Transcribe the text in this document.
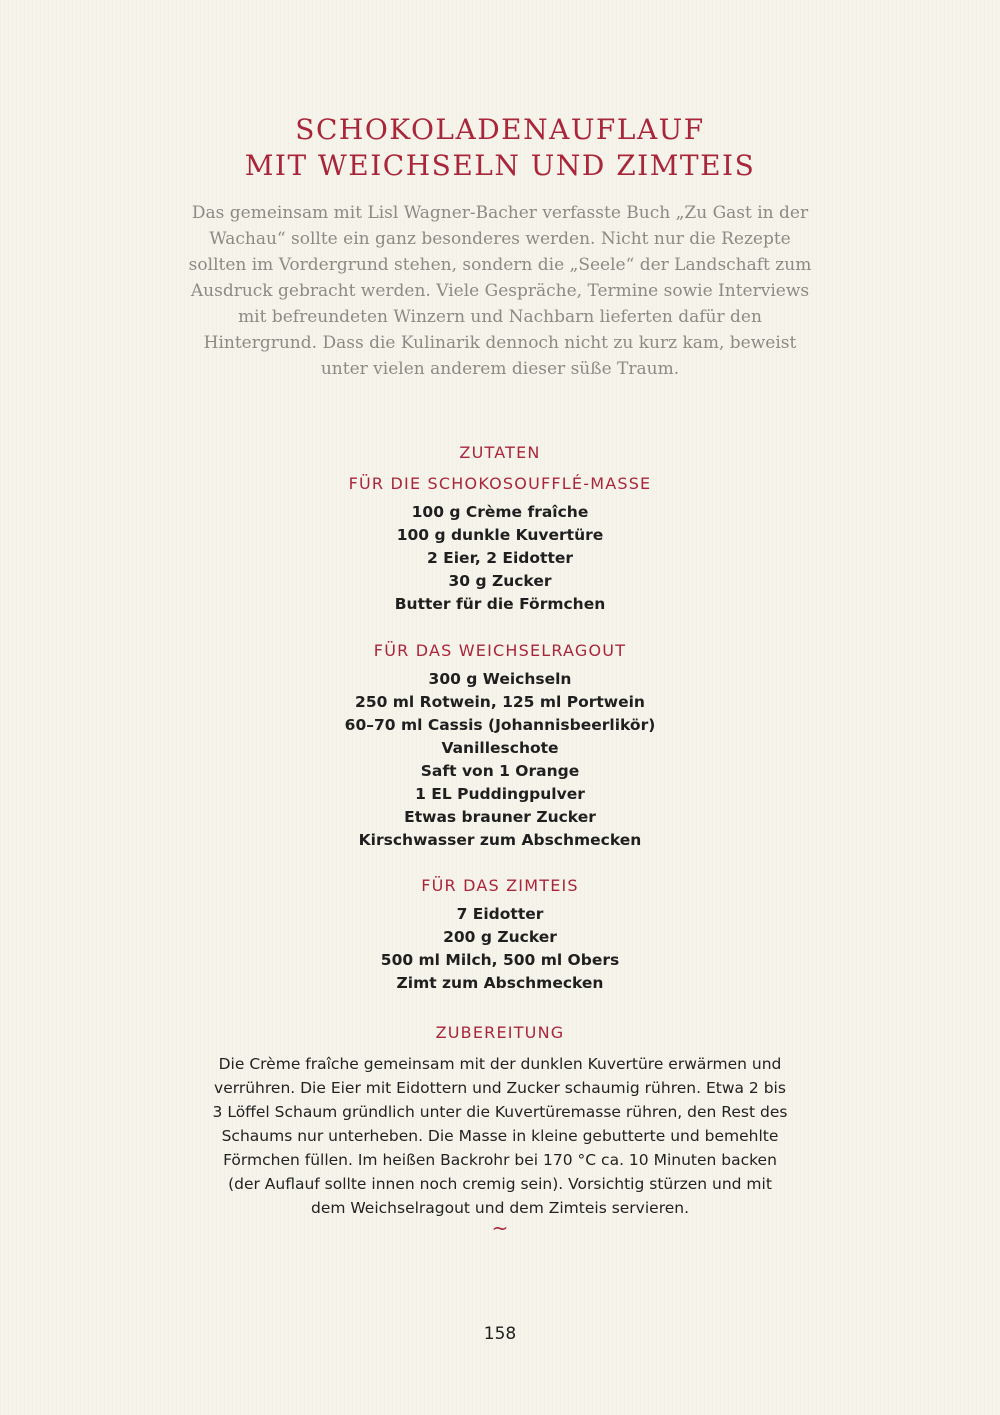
SCHOKOLADENAUFLAUF
MIT WEICHSELN UND ZIMTEIS

Das gemeinsam mit Lisl Wagner-Bacher verfasste Buch „Zu Gast in der Wachau“ sollte ein ganz besonderes werden. Nicht nur die Rezepte sollten im Vordergrund stehen, sondern die „Seele“ der Landschaft zum Ausdruck gebracht werden. Viele Gespräche, Termine sowie Interviews mit befreundeten Winzern und Nachbarn lieferten dafür den Hintergrund. Dass die Kulinarik dennoch nicht zu kurz kam, beweist unter vielen anderem dieser süße Traum.

ZUTATEN
FÜR DIE SCHOKOSOUFFLÉ-MASSE
100 g Crème fraîche
100 g dunkle Kuvertüre
2 Eier, 2 Eidotter
30 g Zucker
Butter für die Förmchen
FÜR DAS WEICHSELRAGOUT
300 g Weichseln
250 ml Rotwein, 125 ml Portwein
60–70 ml Cassis (Johannisbeerlikör)
Vanilleschote
Saft von 1 Orange
1 EL Puddingpulver
Etwas brauner Zucker
Kirschwasser zum Abschmecken
FÜR DAS ZIMTEIS
7 Eidotter
200 g Zucker
500 ml Milch, 500 ml Obers
Zimt zum Abschmecken
ZUBEREITUNG

Die Crème fraîche gemeinsam mit der dunklen Kuvertüre erwärmen und verrühren. Die Eier mit Eidottern und Zucker schaumig rühren. Etwa 2 bis 3 Löffel Schaum gründlich unter die Kuvertüremasse rühren, den Rest des Schaums nur unterheben. Die Masse in kleine gebutterte und bemehlte Förmchen füllen. Im heißen Backrohr bei 170 °C ca. 10 Minuten backen (der Auflauf sollte innen noch cremig sein). Vorsichtig stürzen und mit dem Weichselragout und dem Zimteis servieren.

~
158
